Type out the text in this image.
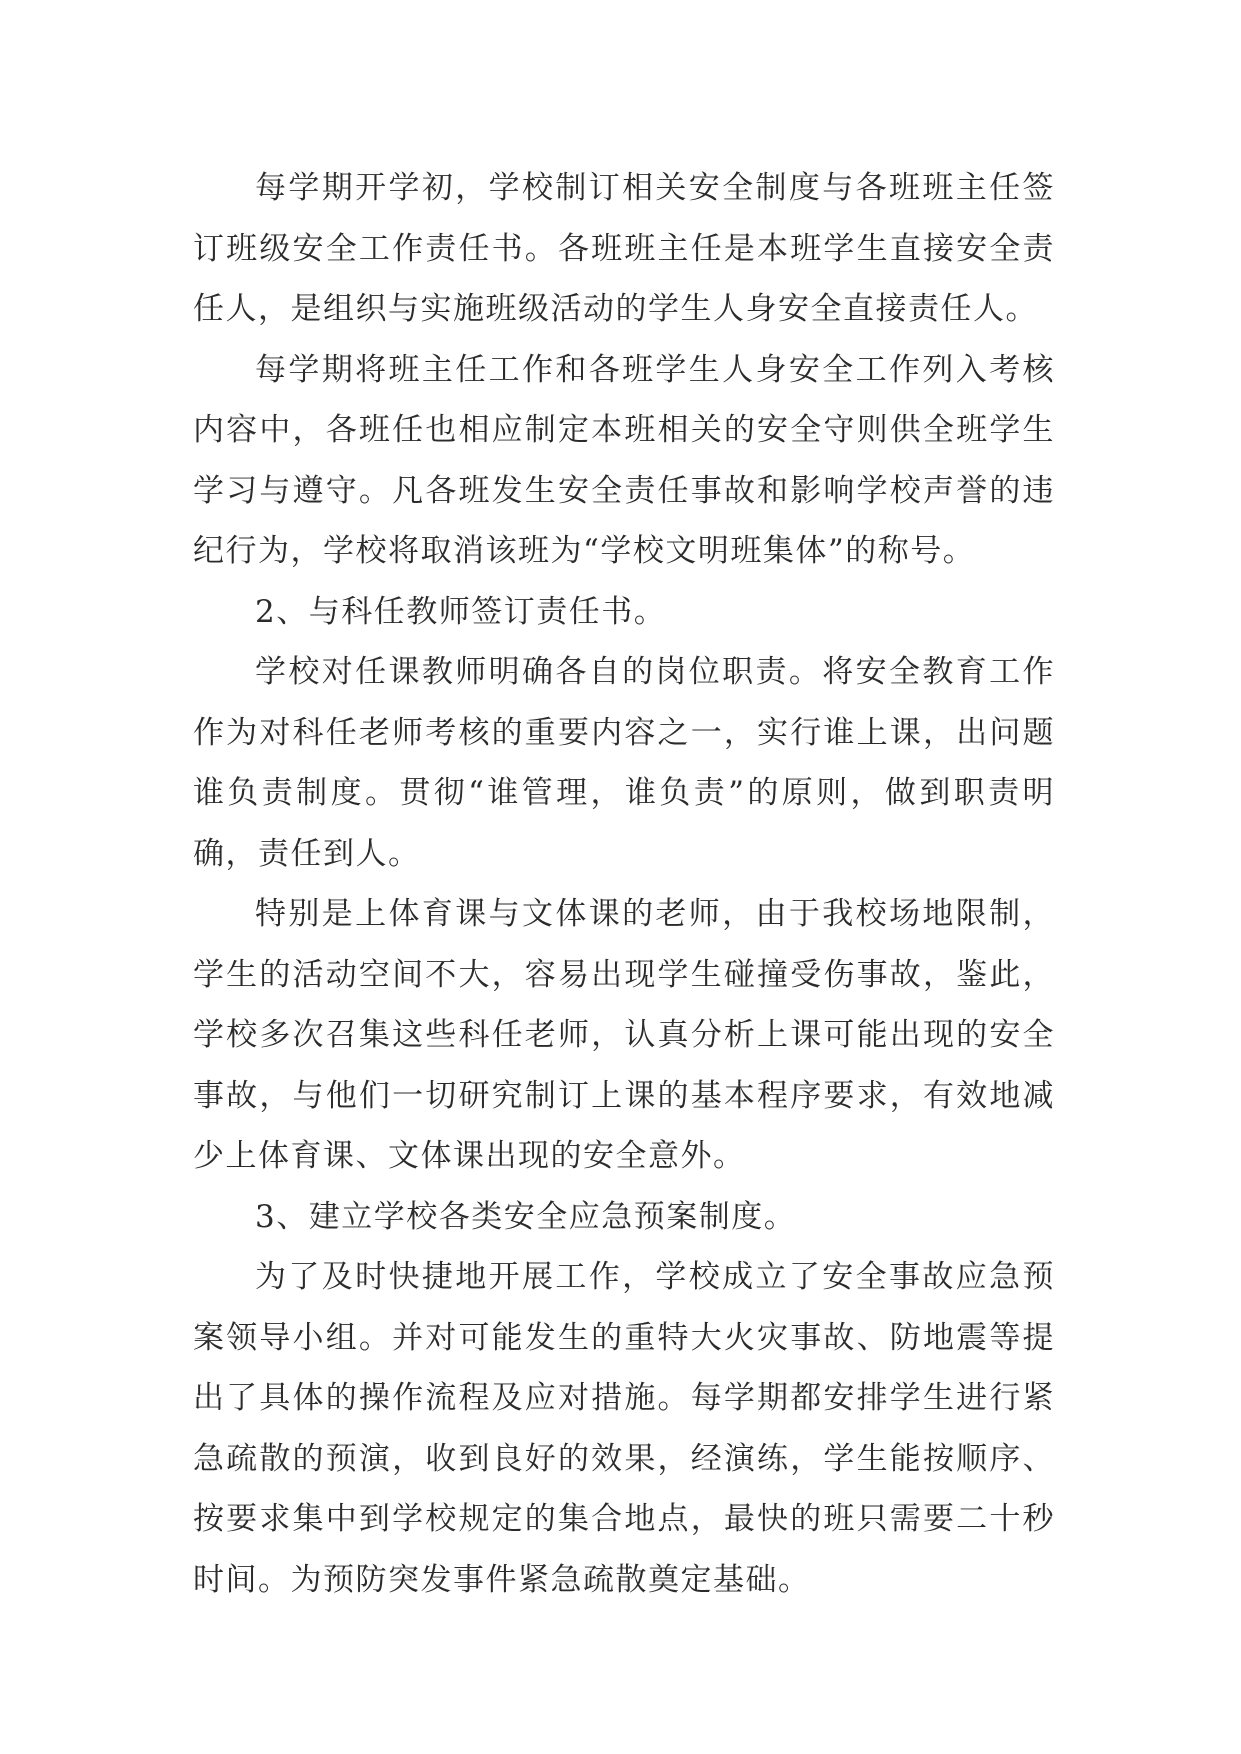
每学期开学初，学校制订相关安全制度与各班班主任签订班级安全工作责任书。各班班主任是本班学生直接安全责任人，是组织与实施班级活动的学生人身安全直接责任人。

每学期将班主任工作和各班学生人身安全工作列入考核内容中，各班任也相应制定本班相关的安全守则供全班学生学习与遵守。凡各班发生安全责任事故和影响学校声誉的违纪行为，学校将取消该班为“学校文明班集体”的称号。

2、与科任教师签订责任书。

学校对任课教师明确各自的岗位职责。将安全教育工作作为对科任老师考核的重要内容之一，实行谁上课，出问题谁负责制度。贯彻“谁管理，谁负责”的原则，做到职责明确，责任到人。

特别是上体育课与文体课的老师，由于我校场地限制，学生的活动空间不大，容易出现学生碰撞受伤事故，鉴此，学校多次召集这些科任老师，认真分析上课可能出现的安全事故，与他们一切研究制订上课的基本程序要求，有效地减少上体育课、文体课出现的安全意外。

3、建立学校各类安全应急预案制度。

为了及时快捷地开展工作，学校成立了安全事故应急预案领导小组。并对可能发生的重特大火灾事故、防地震等提出了具体的操作流程及应对措施。每学期都安排学生进行紧急疏散的预演，收到良好的效果，经演练，学生能按顺序、按要求集中到学校规定的集合地点，最快的班只需要二十秒时间。为预防突发事件紧急疏散奠定基础。
